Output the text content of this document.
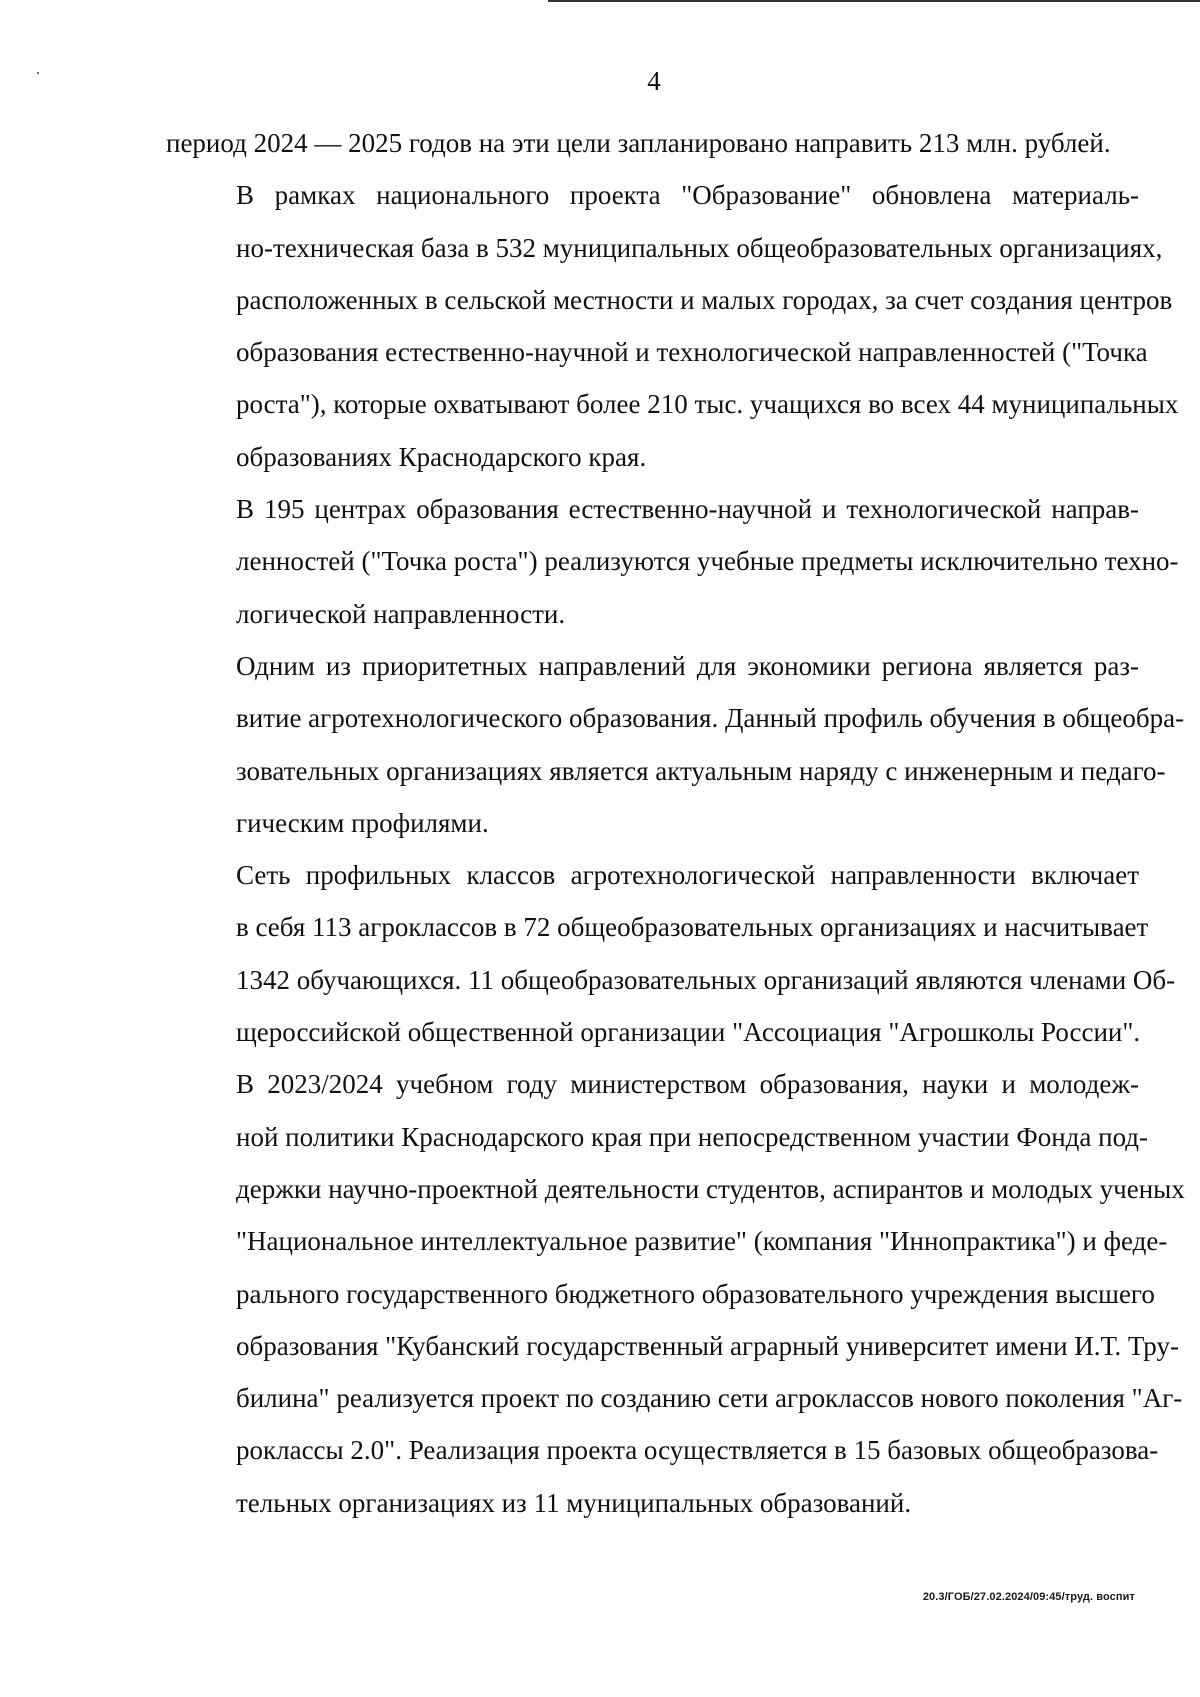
4

период 2024 — 2025 годов на эти цели запланировано направить 213 млн. рублей.

В рамках национального проекта "Образование" обновлена материаль-
но-техническая база в 532 муниципальных общеобразовательных организациях,
расположенных в сельской местности и малых городах, за счет создания центров
образования естественно-научной и технологической направленностей ("Точка
роста"), которые охватывают более 210 тыс. учащихся во всех 44 муниципальных
образованиях Краснодарского края.

В 195 центрах образования естественно-научной и технологической направ-
ленностей ("Точка роста") реализуются учебные предметы исключительно техно-
логической направленности.

Одним из приоритетных направлений для экономики региона является раз-
витие агротехнологического образования. Данный профиль обучения в общеобра-
зовательных организациях является актуальным наряду с инженерным и педаго-
гическим профилями.

Сеть профильных классов агротехнологической направленности включает
в себя 113 агроклассов в 72 общеобразовательных организациях и насчитывает
1342 обучающихся. 11 общеобразовательных организаций являются членами Об-
щероссийской общественной организации "Ассоциация "Агрошколы России".

В 2023/2024 учебном году министерством образования, науки и молодеж-
ной политики Краснодарского края при непосредственном участии Фонда под-
держки научно-проектной деятельности студентов, аспирантов и молодых ученых
"Национальное интеллектуальное развитие" (компания "Иннопрактика") и феде-
рального государственного бюджетного образовательного учреждения высшего
образования "Кубанский государственный аграрный университет имени И.Т. Тру-
билина" реализуется проект по созданию сети агроклассов нового поколения "Аг-
роклассы 2.0". Реализация проекта осуществляется в 15 базовых общеобразова-
тельных организациях из 11 муниципальных образований.

20.3/ГОБ/27.02.2024/09:45/труд. воспит
